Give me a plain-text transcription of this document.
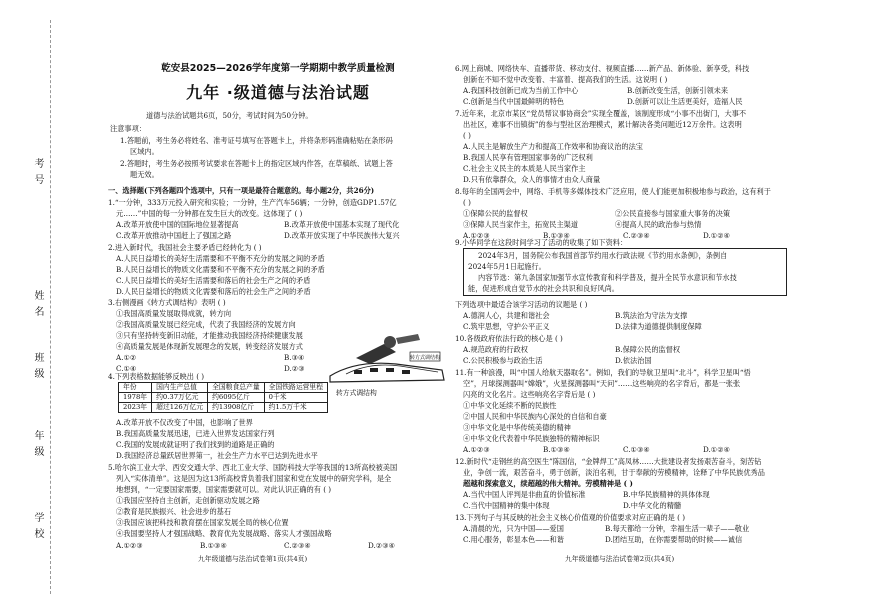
考号
姓名
班级
年级
学校
乾安县2025—2026学年度第一学期期中教学质量检测
九年 ·级道德与法治试题
道德与法治试题共6页，50分，考试时间为50分钟。
注意事项：
1.答题前，考生务必将姓名、准考证号填写在答题卡上，并将条形码准确粘贴在条形码
区域内。
2.答题时，考生务必按照考试要求在答题卡上的指定区域内作答，在草稿纸、试题上答
题无效。
一、选择题(下列各题四个选项中，只有一项是最符合题意的。每小题2分，共26分)
1.“一分钟，333万元投入研究和实验；一分钟，生产汽车56辆；一分钟，创造GDP1.57亿
元……”中国的每一分钟都在发生巨大的改变。这体现了 ( )
A.改革开放使中国的国际地位显著提高	B.改革开放使中国基本实现了现代化
C.改革开放推动中国赶上了强国之路	D.改革开放实现了中华民族伟大复兴
2.进入新时代，我国社会主要矛盾已经转化为 ( )
A.人民日益增长的美好生活需要和不平衡不充分的发展之间的矛盾
B.人民日益增长的物质文化需要和不平衡不充分的发展之间的矛盾
C.人民日益增长的美好生活需要和落后的社会生产之间的矛盾
D.人民日益增长的物质文化需要和落后的社会生产之间的矛盾
3.右侧漫画《转方式调结构》表明 ( )
①我国高质量发展取得成就，转方向
②我国高质量发展已经完成，代表了我国经济的发展方向
③只有坚持转变新旧动能，才能推动我国经济持续健康发展
④高质量发展是体现新发展理念的发展，转变经济发展方式
A.①②	B.③④
C.①④	D.②③
转方式调结构
转方式调结构
4.下列表格数据能够反映出 ( )
年份	国内生产总值	全国粮食总产量	全国铁路运营里程
1978年	约0.37万亿元	约6095亿斤	0千米
2023年	超过126万亿元	约13908亿斤	约1.5万千米
A.改革开放不仅改变了中国，也影响了世界
B.我国高质量发展迅速，已进入世界发达国家行列
C.我国的发展成就证明了我们找到的道路是正确的
D.我国经济总量跃居世界第一，社会生产力水平已达到先进水平
5.哈尔滨工业大学、西安交通大学、西北工业大学、国防科技大学等我国的13所高校被美国
列入“实体清单”。这是因为这13所高校背负着我们国家和党在发展中的研究学科，是全
地想到，“一定要国家需要，国家需要就可以。对此认识正确的有 ( )
①我国应坚持自主创新，走创新驱动发展之路
②教育是民族振兴、社会进步的基石
③我国应该把科技和教育摆在国家发展全局的核心位置
④我国要坚持人才强国战略、教育优先发展战略、落实人才强国战略
A.①②③	B.①③④	C.②③④	D.②③④
九年级道德与法治试卷第1页(共4页)
6.网上商城、网络快车、直播带货、移动支付、视频直播……新产品、新体验、新享受，科技
创新在不知不觉中改变着、丰富着、提高我们的生活。这说明 ( )
A.我国科技创新已成为当前工作中心	B.创新改变生活，创新引领未来
C.创新是当代中国最鲜明的特色	D.创新可以让生活更美好，造福人民
7.近年来，北京市某区“党员帮议事协商会”实现全覆盖，该制度形成“小事不出街门，大事不
出社区，难事不出镇街”的参与型社区治理模式，累计解决各类问题近12万余件。这表明
( )
A.人民主是解放生产力和提高工作效率和协商议治的法宝
B.我国人民享有管理国家事务的广泛权利
C.社会主义民主的本质是人民当家作主
D.只有依靠群众，众人的事情才由众人商量
8.每年的全国两会中，网络、手机等多媒体技术广泛应用，使人们能更加积极地参与政治，这有利于
( )
①保障公民的监督权	②公民直接参与国家重大事务的决策
③保障人民当家作主，拓宽民主渠道	④提高人民的政治参与热情
A.①②③	B.①③④	C.②③④	D.①②④
9.小华同学在这段时间学习了活动的收集了如下资料：
2024年3月，国务院公布我国首部节约用水行政法规《节约用水条例》，条例自
2024年5月1日起施行。
内容节选：第九条国家加强节水宣传教育和科学普及，提升全民节水意识和节水技
能，促进形成自觉节水的社会共识和良好风尚。
下列选项中最适合该学习活动的议题是 ( )
A.德润人心，共建和谐社会	B.筑法治为守法为支撑
C.筑牢思想，守护公平正义	D.法律为道德提供制度保障
10.各级政府依法行政的核心是 ( )
A.规范政府的行政权	B.保障公民的监督权
C.公民积极参与政治生活	D.依法治国
11.有一种浪漫，叫“中国人给航天器取名”。例如，我们的导航卫星叫“北斗”，科学卫星叫“悟
空”，月球探测器叫“嫦娥”，火星探测器叫“天问”……这些响亮的名字背后，都是一张张
闪亮的文化名片。这些响亮名字背后是 ( )
①中华文化延续不断的民族性
②中国人民和中华民族内心深处的自信和自豪
③中华文化是中华传统美德的精神
④中华文化代表着中华民族独特的精神标识
A.①②③	B.①③④	C.①③④	D.①②④
12.新时代“走钢丝的高空医生”陈国信，“金牌焊工”高凤林……大批建设者发扬艰苦奋斗，刻苦钻
业，争创一流，艰苦奋斗，勇于创新，淡泊名利，甘于奉献的劳模精神，诠释了中华民族优秀品
超越和探索意义，续超越的伟大精神。劳模精神是 ( )
A.当代中国人评判是非曲直的价值标准	B.中华民族精神的具体体现
C.当代中国精神的集中体现	D.中华文化的精髓
13.下列句子与其反映的社会主义核心价值观的价值要求对应正确的是 ( )
A.清晨的光，只为中国——爱国	B.每天都给一分钟，幸福生活一辈子——敬业
C.用心服务，彰显本色——和谐	D.团结互助，在你需要帮助的时候——诚信
九年级道德与法治试卷第2页(共4页)
